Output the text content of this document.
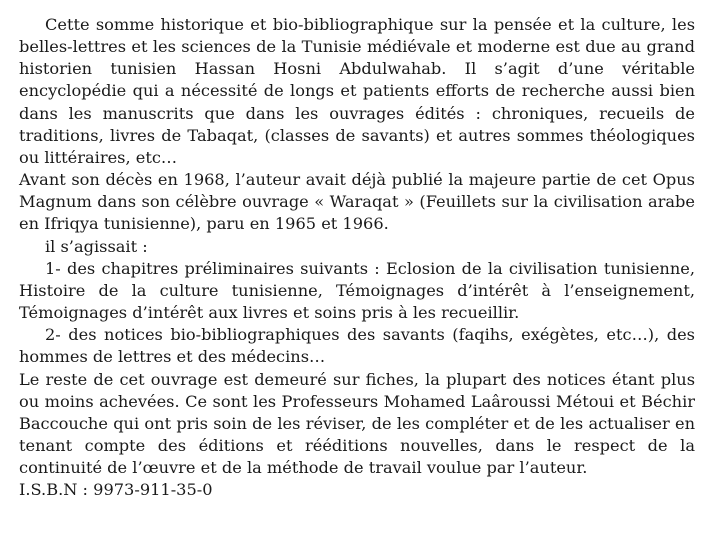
Cette somme historique et bio-bibliographique sur la pensée et la culture, les belles-lettres et les sciences de la Tunisie médiévale et moderne est due au grand historien tunisien Hassan Hosni Abdulwahab. Il s’agit d’une véritable encyclopédie qui a nécessité de longs et patients efforts de recherche aussi bien dans les manuscrits que dans les ouvrages édités : chroniques, recueils de traditions, livres de Tabaqat, (classes de savants) et autres sommes théologiques ou littéraires, etc…

Avant son décès en 1968, l’auteur avait déjà publié la majeure partie de cet Opus Magnum dans son célèbre ouvrage « Waraqat » (Feuillets sur la civilisation arabe en Ifriqya tunisienne), paru en 1965 et 1966.

il s’agissait :

1- des chapitres préliminaires suivants : Eclosion de la civilisation tunisienne, Histoire de la culture tunisienne, Témoignages d’intérêt à l’enseignement, Témoignages d’intérêt aux livres et soins pris à les recueillir.

2- des notices bio-bibliographiques des savants (faqihs, exégètes, etc…), des hommes de lettres et des médecins…

Le reste de cet ouvrage est demeuré sur fiches, la plupart des notices étant plus ou moins achevées. Ce sont les Professeurs Mohamed Laâroussi Métoui et Béchir Baccouche qui ont pris soin de les réviser, de les compléter et de les actualiser en tenant compte des éditions et rééditions nouvelles, dans le respect de la continuité de l’œuvre et de la méthode de travail voulue par l’auteur.

I.S.B.N : 9973-911-35-0
